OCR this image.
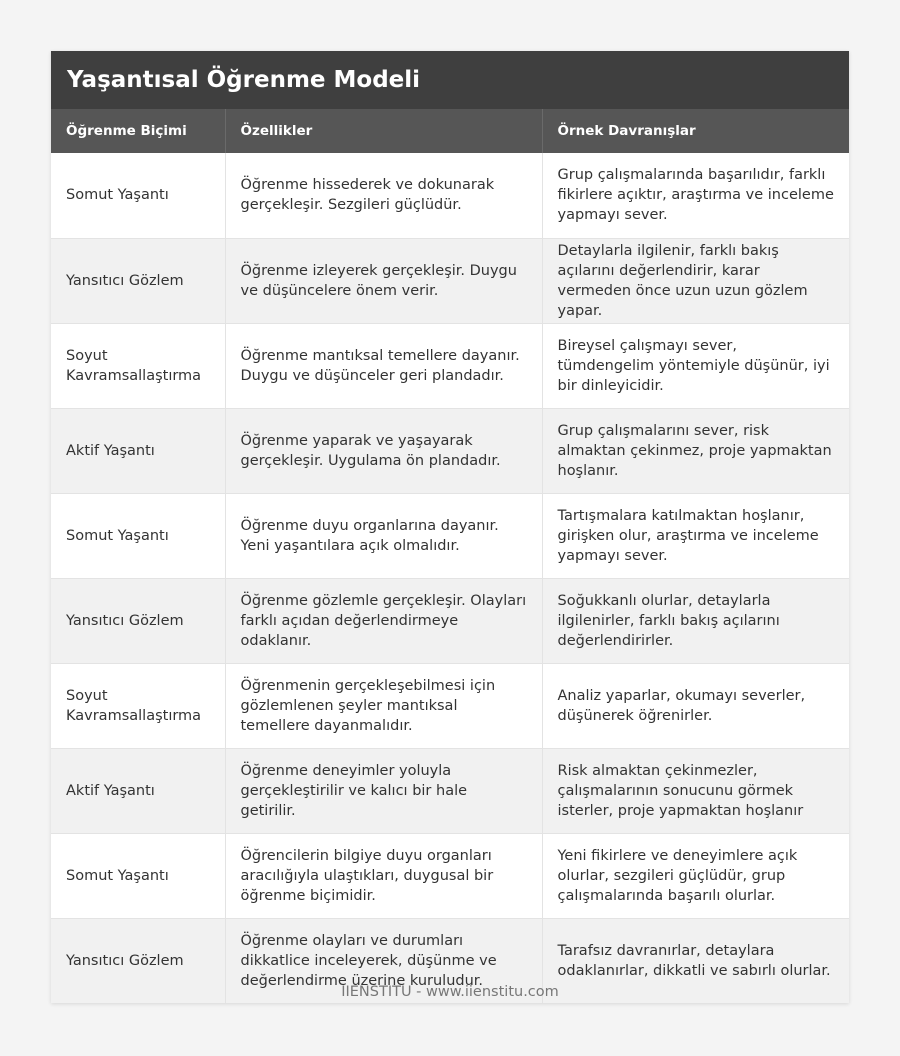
Yaşantısal Öğrenme Modeli
Öğrenme Biçimi	Özellikler	Örnek Davranışlar
Somut Yaşantı	Öğrenme hissederek ve dokunarak gerçekleşir. Sezgileri güçlüdür.	Grup çalışmalarında başarılıdır, farklı fikirlere açıktır, araştırma ve inceleme yapmayı sever.
Yansıtıcı Gözlem	Öğrenme izleyerek gerçekleşir. Duygu ve düşüncelere önem verir.	Detaylarla ilgilenir, farklı bakış açılarını değerlendirir, karar vermeden önce uzun uzun gözlem yapar.
Soyut Kavramsallaştırma	Öğrenme mantıksal temellere dayanır. Duygu ve düşünceler geri plandadır.	Bireysel çalışmayı sever, tümdengelim yöntemiyle düşünür, iyi bir dinleyicidir.
Aktif Yaşantı	Öğrenme yaparak ve yaşayarak gerçekleşir. Uygulama ön plandadır.	Grup çalışmalarını sever, risk almaktan çekinmez, proje yapmaktan hoşlanır.
Somut Yaşantı	Öğrenme duyu organlarına dayanır. Yeni yaşantılara açık olmalıdır.	Tartışmalara katılmaktan hoşlanır, girişken olur, araştırma ve inceleme yapmayı sever.
Yansıtıcı Gözlem	Öğrenme gözlemle gerçekleşir. Olayları farklı açıdan değerlendirmeye odaklanır.	Soğukkanlı olurlar, detaylarla ilgilenirler, farklı bakış açılarını değerlendirirler.
Soyut Kavramsallaştırma	Öğrenmenin gerçekleşebilmesi için gözlemlenen şeyler mantıksal temellere dayanmalıdır.	Analiz yaparlar, okumayı severler, düşünerek öğrenirler.
Aktif Yaşantı	Öğrenme deneyimler yoluyla gerçekleştirilir ve kalıcı bir hale getirilir.	Risk almaktan çekinmezler, çalışmalarının sonucunu görmek isterler, proje yapmaktan hoşlanır
Somut Yaşantı	Öğrencilerin bilgiye duyu organları aracılığıyla ulaştıkları, duygusal bir öğrenme biçimidir.	Yeni fikirlere ve deneyimlere açık olurlar, sezgileri güçlüdür, grup çalışmalarında başarılı olurlar.
Yansıtıcı Gözlem	Öğrenme olayları ve durumları dikkatlice inceleyerek, düşünme ve değerlendirme üzerine kuruludur.	Tarafsız davranırlar, detaylara odaklanırlar, dikkatli ve sabırlı olurlar.
IIENSTITU - www.iienstitu.com
